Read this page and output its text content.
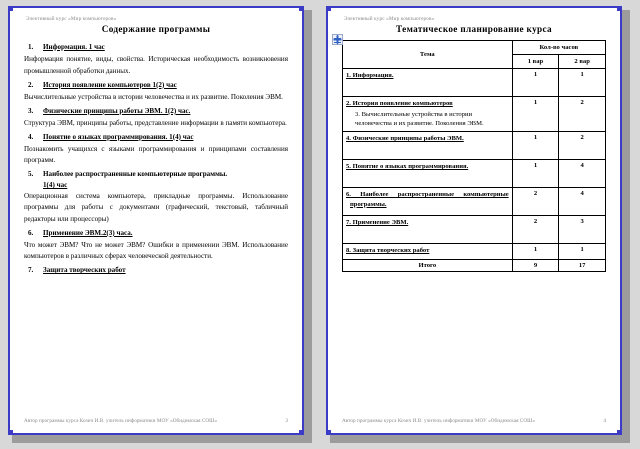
Элективный курс «Мир компьютеров»
Содержание программы
1.	Информация. 1 час

Информация понятие, виды, свойства. Историческая необходимость возникновения промышленной обработки данных.

2.	История появление компьютеров 1(2) час

Вычислительные устройства в истории человечества и их развитие. Поколения ЭВМ.

3.	Физические принципы работы ЭВМ. 1(2) час.

Структура ЭВМ, принципы работы, представление информации в памяти компьютера.

4.	Понятие о языках программирования. 1(4) час

Познакомить учащихся с языками программирования и принципами составления программ.

5.	Наиболее распространенные компьютерные программы.
1(4) час

Операционная система компьютера, прикладные программы. Использование программы для работы с документами (графический, текстовый, табличный редакторы или процессоры)

6.	Применение ЭВМ.2(3) часа.

Что может ЭВМ? Что не может ЭВМ? Ошибки в применении ЭВМ. Использование компьютеров в различных сферах человеческой деятельности.

7.	Защита творческих работ
Автор программы курса Козич И.В. учитель информатики МОУ «Обидимская СОШ»	3
Элективный курс «Мир компьютеров»
Тематическое планирование курса
Тема	Кол-во часов	
	1 вар	2 вар

1. Информация.	1	1

2. История появление компьютеров
3. Вычислительные устройства в истории человечества и их развитие. Поколения ЭВМ.	1	2

4. Физические принципы работы ЭВМ.	1	2

5. Понятие о языках программирования.	1	4

6. Наиболее распространенные компьютерные программы.	2	4

7. Применение ЭВМ.	2	3

8. Защита творческих работ	1	1
Итого	9	17
Автор программы курса Козич И.В. учитель информатики МОУ «Обидимская СОШ»	4
